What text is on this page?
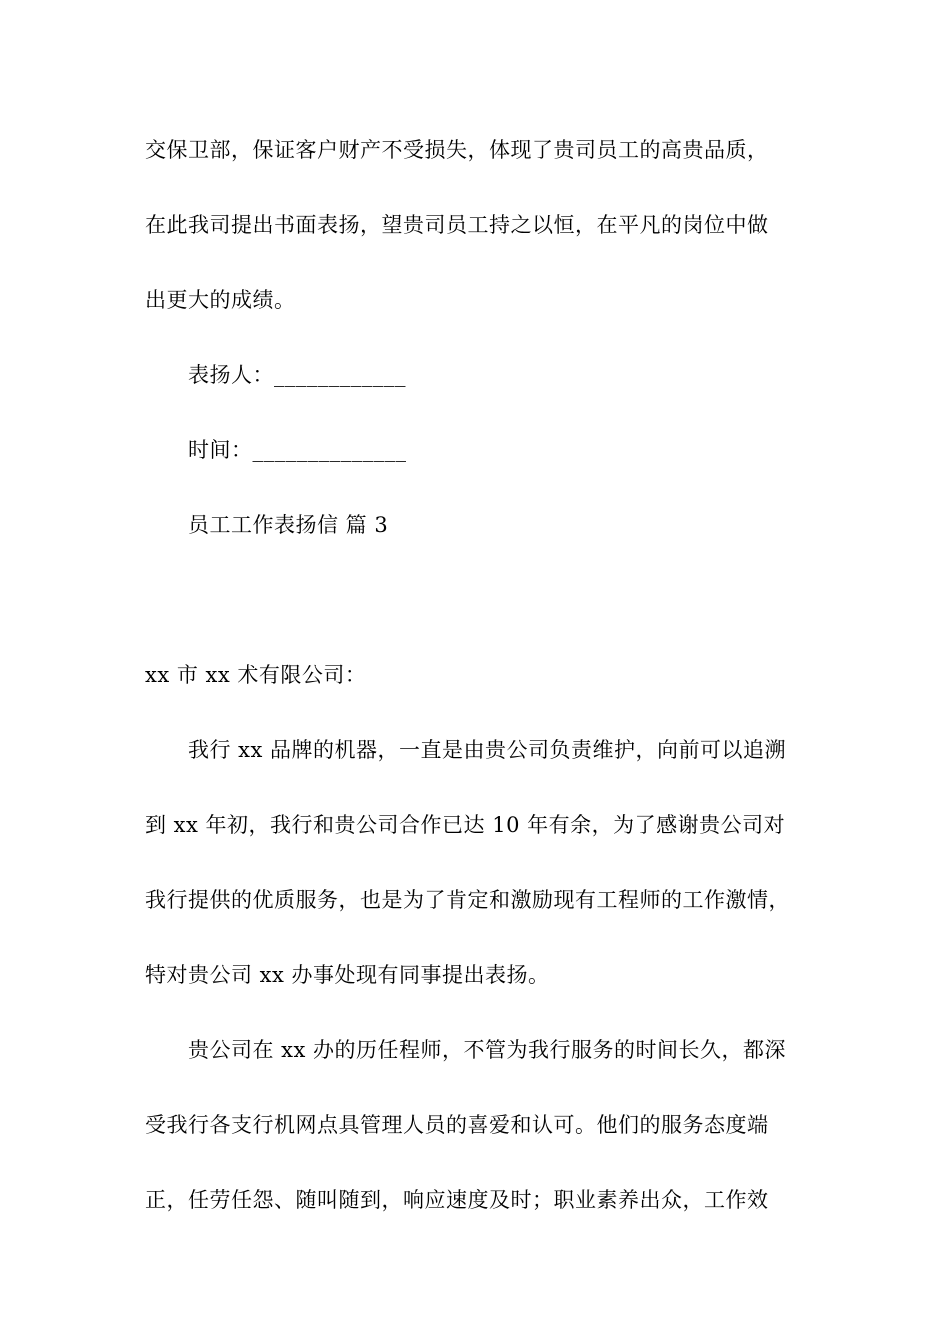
交保卫部，保证客户财产不受损失，体现了贵司员工的高贵品质，
在此我司提出书面表扬，望贵司员工持之以恒，在平凡的岗位中做
出更大的成绩。
表扬人：____________
时间：______________
员工工作表扬信 篇 3
xx 市 xx 术有限公司：
我行 xx 品牌的机器，一直是由贵公司负责维护，向前可以追溯
到 xx 年初，我行和贵公司合作已达 10 年有余，为了感谢贵公司对
我行提供的优质服务，也是为了肯定和激励现有工程师的工作激情，
特对贵公司 xx 办事处现有同事提出表扬。
贵公司在 xx 办的历任程师，不管为我行服务的时间长久，都深
受我行各支行机网点具管理人员的喜爱和认可。他们的服务态度端
正，任劳任怨、随叫随到，响应速度及时；职业素养出众，工作效
